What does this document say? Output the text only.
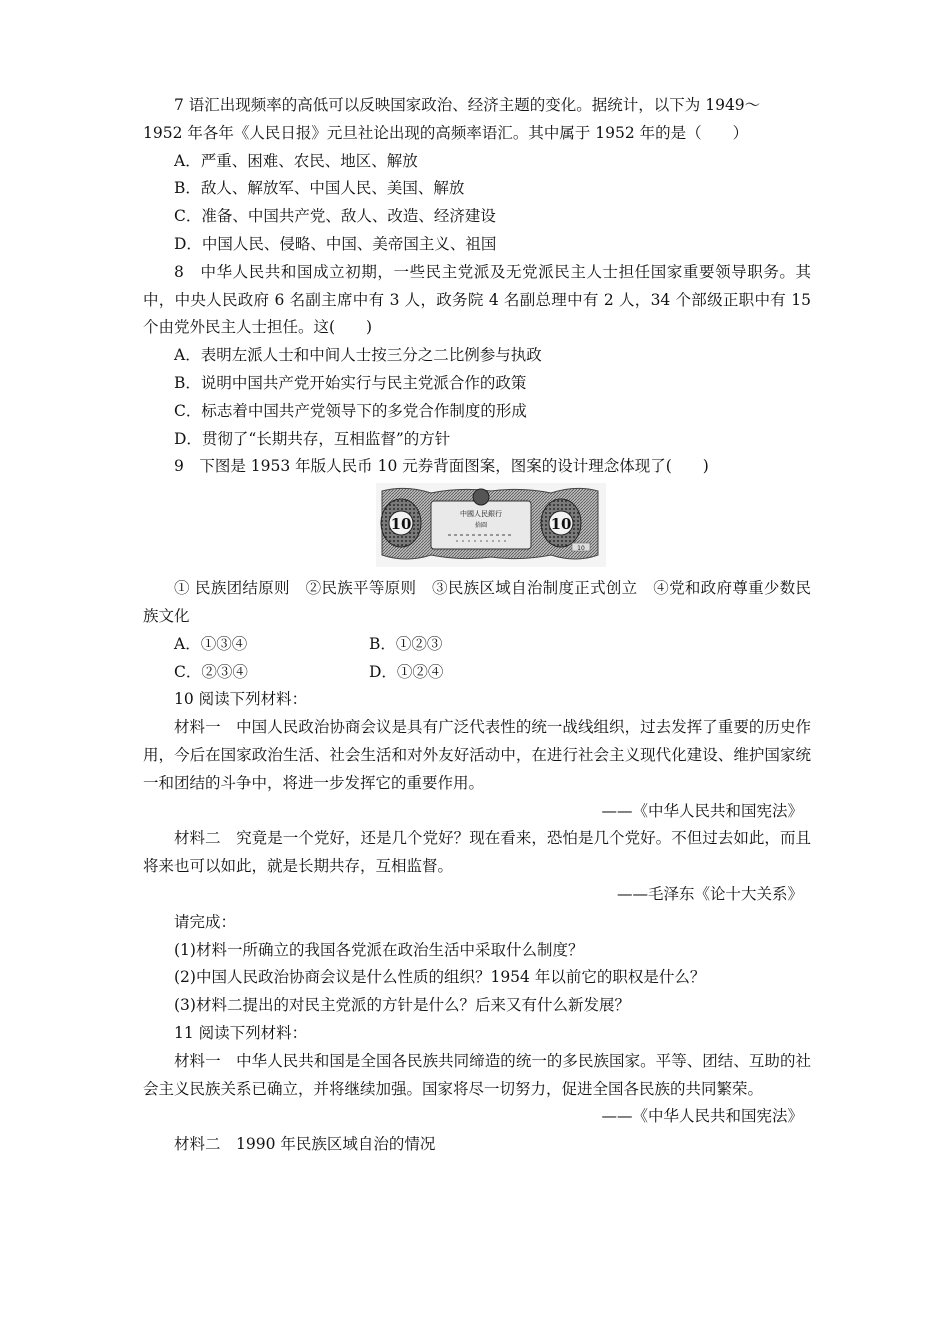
7 语汇出现频率的高低可以反映国家政治、经济主题的变化。据统计，以下为 1949～

1952 年各年《人民日报》元旦社论出现的高频率语汇。其中属于 1952 年的是（　　）

A．严重、困难、农民、地区、解放

B．敌人、解放军、中国人民、美国、解放

C．准备、中国共产党、敌人、改造、经济建设

D．中国人民、侵略、中国、美帝国主义、祖国

8　中华人民共和国成立初期，一些民主党派及无党派民主人士担任国家重要领导职务。其中，中央人民政府 6 名副主席中有 3 人，政务院 4 名副总理中有 2 人，34 个部级正职中有 15 个由党外民主人士担任。这(　　)

A．表明左派人士和中间人士按三分之二比例参与执政

B．说明中国共产党开始实行与民主党派合作的政策

C．标志着中国共产党领导下的多党合作制度的形成

D．贯彻了“长期共存，互相监督”的方针

9　下图是 1953 年版人民币 10 元券背面图案，图案的设计理念体现了(　　)

10	10
中國人民銀行
拾圓
10

① 民族团结原则　②民族平等原则　③民族区域自治制度正式创立　④党和政府尊重少数民族文化

A．①③④	B．①②③
C．②③④	D．①②④

10 阅读下列材料：

材料一　中国人民政治协商会议是具有广泛代表性的统一战线组织，过去发挥了重要的历史作用，今后在国家政治生活、社会生活和对外友好活动中，在进行社会主义现代化建设、维护国家统一和团结的斗争中，将进一步发挥它的重要作用。

——《中华人民共和国宪法》

材料二　究竟是一个党好，还是几个党好？现在看来，恐怕是几个党好。不但过去如此，而且将来也可以如此，就是长期共存，互相监督。

——毛泽东《论十大关系》

请完成：

(1)材料一所确立的我国各党派在政治生活中采取什么制度？

(2)中国人民政治协商会议是什么性质的组织？1954 年以前它的职权是什么？

(3)材料二提出的对民主党派的方针是什么？后来又有什么新发展？

11 阅读下列材料：

材料一　中华人民共和国是全国各民族共同缔造的统一的多民族国家。平等、团结、互助的社会主义民族关系已确立，并将继续加强。国家将尽一切努力，促进全国各民族的共同繁荣。

——《中华人民共和国宪法》

材料二　1990 年民族区域自治的情况
